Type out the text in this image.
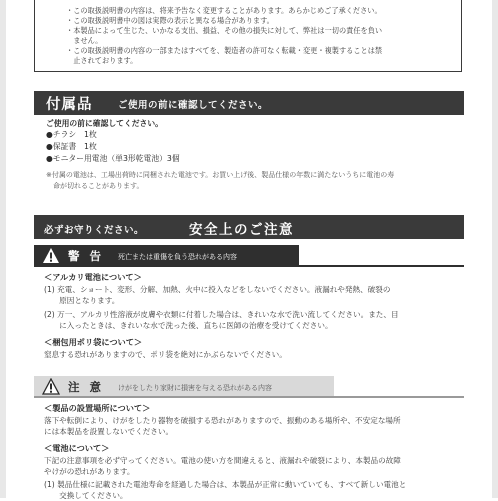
・この取扱説明書の内容は、将来予告なく変更することがあります。あらかじめご了承ください。
・この取扱説明書中の図は実際の表示と異なる場合があります。
・本製品によって生じた、いかなる支出、損益、その他の損失に対して、弊社は一切の責任を負い
　ません。
・この取扱説明書の内容の一部またはすべてを、製造者の許可なく転載・変更・複製することは禁
　止されております。
付属品	ご使用の前に確認してください。
ご使用の前に確認してください。
●チラシ　1枚
●保証書　1枚
●モニター用電池（単3形乾電池）3個
※付属の電池は、工場出荷時に同梱された電池です。お買い上げ後、製品仕様の年数に満たないうちに電池の寿
　命が切れることがあります。
必ずお守りください。	安全上のご注意
警 告 死亡または重傷を負う恐れがある内容
＜アルカリ電池について＞
(1) 充電、ショート、変形、分解、加熱、火中に投入などをしないでください。液漏れや発熱、破裂の
　　原因となります。
(2) 万一、アルカリ性溶液が皮膚や衣類に付着した場合は、きれいな水で洗い流してください。また、目
　　に入ったときは、きれいな水で洗った後、直ちに医師の治療を受けてください。
＜梱包用ポリ袋について＞
窒息する恐れがありますので、ポリ袋を絶対にかぶらないでください。
注 意 けがをしたり家財に損害を与える恐れがある内容
＜製品の設置場所について＞
落下や転倒により、けがをしたり器物を破損する恐れがありますので、振動のある場所や、不安定な場所
には本製品を設置しないでください。
＜電池について＞
下記の注意事項を必ず守ってください。電池の使い方を間違えると、液漏れや破裂により、本製品の故障
やけがの恐れがあります。
(1) 製品仕様に記載された電池寿命を経過した場合は、本製品が正常に動いていても、すべて新しい電池と
　　交換してください。
